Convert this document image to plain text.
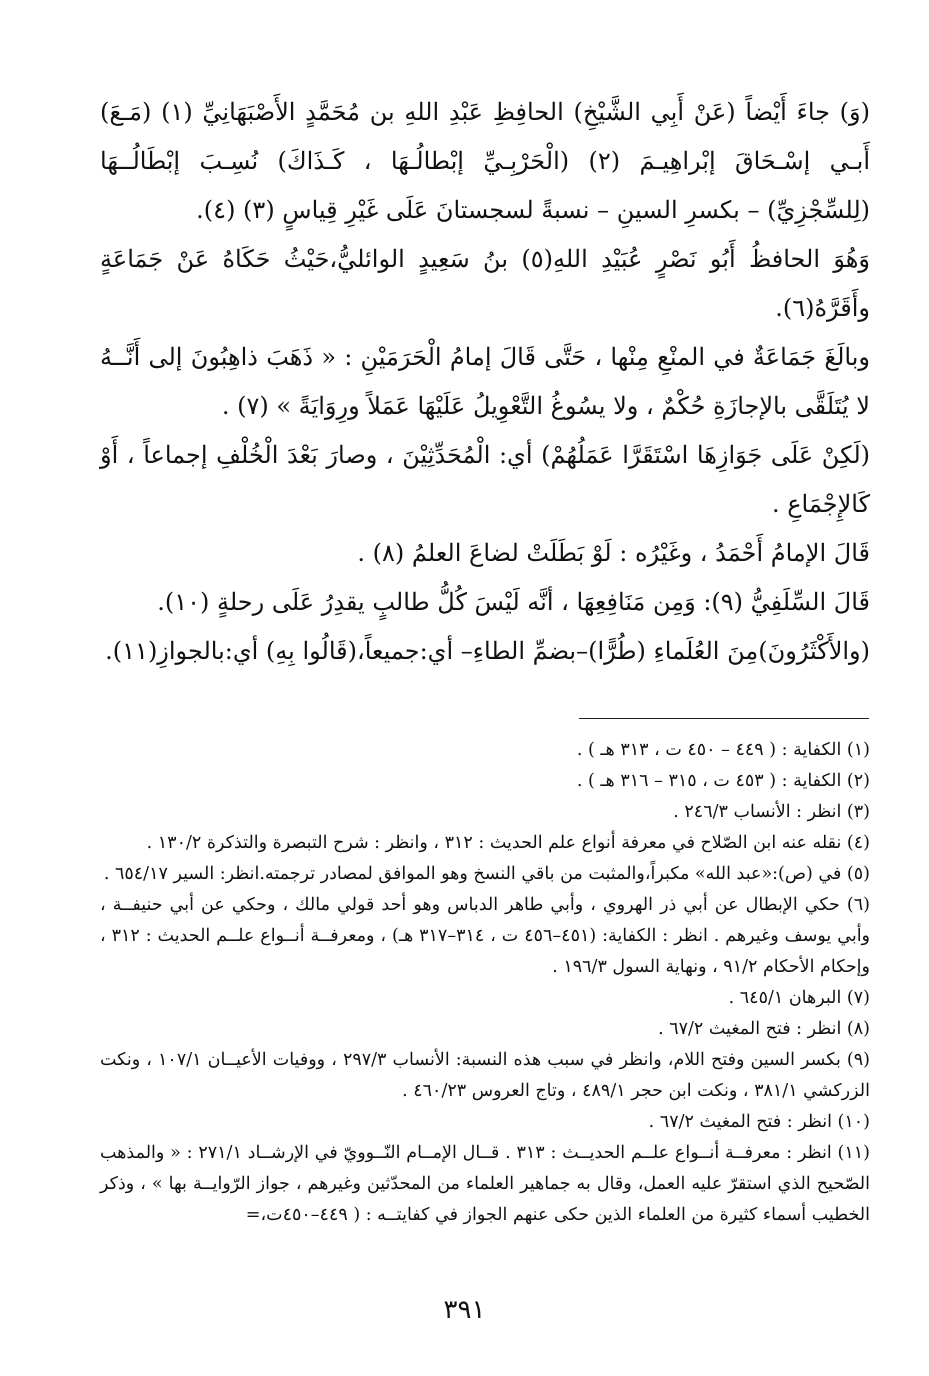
(وَ) جاءَ أَيْضاً (عَنْ أَبِي الشَّيْخِ) الحافِظِ عَبْدِ اللهِ بن مُحَمَّدٍ الأَصْبَهَانِيِّ (١) (مَـعَ) أَبـي إسْـحَاقَ إبْراهِيـمَ (٢) (الْحَرْبِـيِّ إبْطالُـهَا ، كَـذَاكَ) نُسِـبَ إبْطَالُــهَا (لِلسِّجْزِيِّ) – بكسرِ السينِ – نسبةً لسجستانَ عَلَى غَيْرِ قِياسٍ (٣) (٤).

وَهُوَ الحافظُ أَبُو نَصْرٍ عُبَيْدِ اللهِ(٥) بنُ سَعِيدٍ الوائليُّ،حَيْثُ حَكَاهُ عَنْ جَمَاعَةٍ وأَقَرَّهُ(٦).

وبالَغَ جَمَاعَةٌ في المنْعِ مِنْها ، حَتَّى قَالَ إمامُ الْحَرَمَيْنِ : « ذَهَبَ ذاهِبُونَ إلى أَنَّــهُ لا يُتَلَقَّى بالإجازَةِ حُكْمٌ ، ولا يسُوغُ التَّعْوِيلُ عَلَيْهَا عَمَلاً ورِوَايَةً » (٧) .

(لَكِنْ عَلَى جَوَازِهَا اسْتَقَرَّا عَمَلُهُمْ) أي: الْمُحَدِّثِيْنَ ، وصارَ بَعْدَ الْخُلْفِ إجماعاً ، أَوْ كَالإِجْمَاعِ .

قَالَ الإمامُ أَحْمَدُ ، وغَيْرُه : لَوْ بَطَلَتْ لضاعَ العلمُ (٨) .

قَالَ السِّلَفِيُّ (٩): وَمِن مَنَافِعِهَا ، أنَّه لَيْسَ كُلُّ طالبٍ يقدِرُ عَلَى رحلةٍ (١٠).

(والأَكْثَرُونَ)مِنَ العُلَماءِ (طُرًّا)–بضمِّ الطاءِ– أي:جميعاً،(قَالُوا بِهِ) أي:بالجوازِ(١١).

(١) الكفاية : ( ٤٤٩ – ٤٥٠ ت ، ٣١٣ هـ ) .

(٢) الكفاية : ( ٤٥٣ ت ، ٣١٥ – ٣١٦ هـ ) .

(٣) انظر : الأنساب ٢٤٦/٣ .

(٤) نقله عنه ابن الصّلاح في معرفة أنواع علم الحديث : ٣١٢ ، وانظر : شرح التبصرة والتذكرة ١٣٠/٢ .

(٥) في (ص):«عبد الله» مكبراً،والمثبت من باقي النسخ وهو الموافق لمصادر ترجمته.انظر: السير ٦٥٤/١٧ .

(٦) حكي الإبطال عن أبي ذر الهروي ، وأبي طاهر الدباس وهو أحد قولي مالك ، وحكي عن أبي حنيفــة ، وأبي يوسف وغيرهم . انظر : الكفاية: (٤٥١–٤٥٦ ت ، ٣١٤–٣١٧ هـ) ، ومعرفــة أنــواع علــم الحديث : ٣١٢ ، وإحكام الأحكام ٩١/٢ ، ونهاية السول ١٩٦/٣ .

(٧) البرهان ٦٤٥/١ .

(٨) انظر : فتح المغيث ٦٧/٢ .

(٩) بكسر السين وفتح اللام، وانظر في سبب هذه النسبة: الأنساب ٢٩٧/٣ ، ووفيات الأعيــان ١٠٧/١ ، ونكت الزركشي ٣٨١/١ ، ونكت ابن حجر ٤٨٩/١ ، وتاج العروس ٤٦٠/٢٣ .

(١٠) انظر : فتح المغيث ٦٧/٢ .

(١١) انظر : معرفــة أنــواع علــم الحديــث : ٣١٣ . قــال الإمــام النّــوويّ في الإرشــاد ٢٧١/١ : « والمذهب الصّحيح الذي استقرّ عليه العمل، وقال به جماهير العلماء من المحدّثين وغيرهم ، جواز الرّوايــة بها » ، وذكر الخطيب أسماء كثيرة من العلماء الذين حكى عنهم الجواز في كفايتــه : ( ٤٤٩–٤٥٠ت،=

٣٩١
